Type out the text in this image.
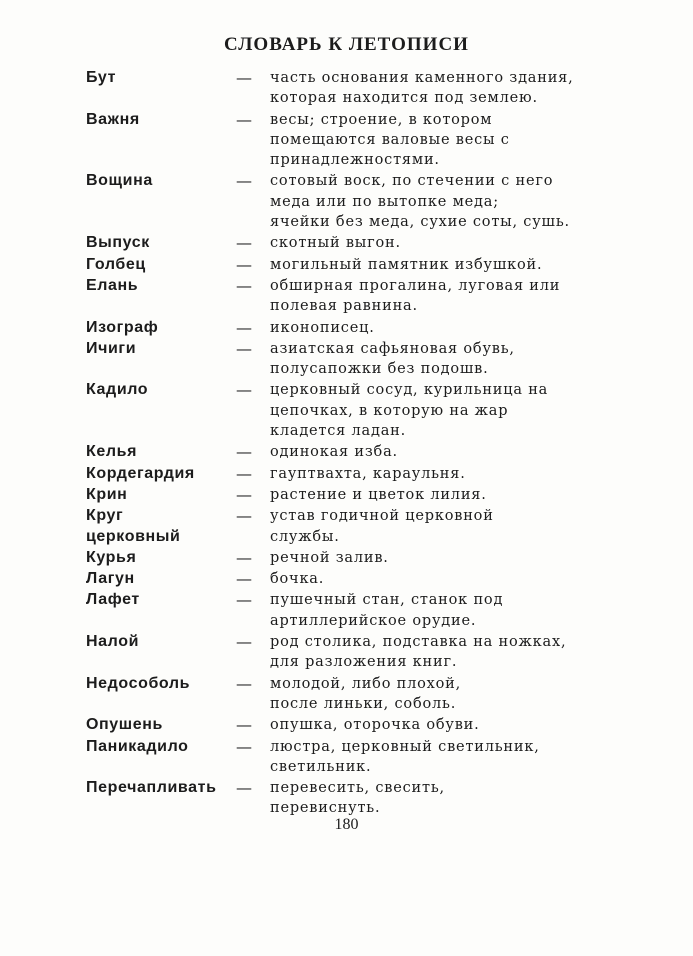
СЛОВАРЬ К ЛЕТОПИСИ
Бут	—	часть основания каменного здания,
которая находится под землею.
Важня	—	весы; строение, в котором
помещаются валовые весы с
принадлежностями.
Вощина	—	сотовый воск, по стечении с него
меда или по вытопке меда;
ячейки без меда, сухие соты, сушь.
Выпуск	—	скотный выгон.
Голбец	—	могильный памятник избушкой.
Елань	—	обширная прогалина, луговая или
полевая равнина.
Изограф	—	иконописец.
Ичиги	—	азиатская сафьяновая обувь,
полусапожки без подошв.
Кадило	—	церковный сосуд, курильница на
цепочках, в которую на жар
кладется ладан.
Келья	—	одинокая изба.
Кордегардия	—	гауптвахта, караульня.
Крин	—	растение и цветок лилия.
Круг
церковный
—	устав годичной церковной
службы.
Курья	—	речной залив.
Лагун	—	бочка.
Лафет	—	пушечный стан, станок под
артиллерийское орудие.
Налой	—	род столика, подставка на ножках,
для разложения книг.
Недособоль	—	молодой, либо плохой,
после линьки, соболь.
Опушень	—	опушка, оторочка обуви.
Паникадило	—	люстра, церковный светильник,
светильник.
Перечапливать	—	перевесить, свесить,
перевиснуть.
180
